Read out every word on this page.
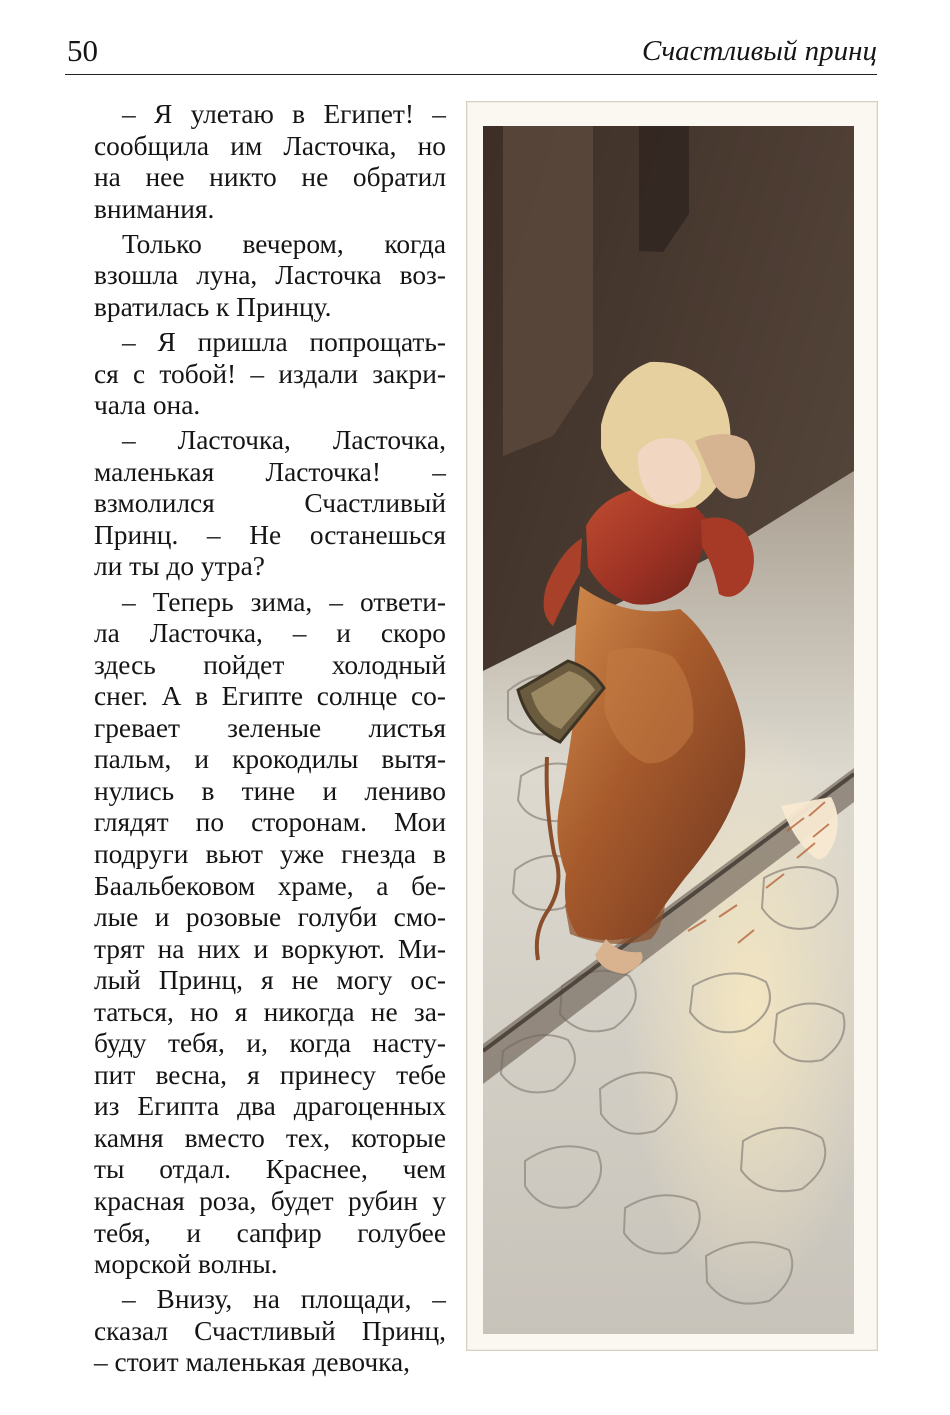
50	Счастливый принц

– Я улетаю в Египет! –
сообщила им Ласточка, но
на нее никто не обратил
внимания.

Только вечером, когда
взошла луна, Ласточка воз-
вратилась к Принцу.

– Я пришла попрощать-
ся с тобой! – издали закри-
чала она.

– Ласточка, Ласточка,
маленькая Ласточка! –
взмолился Счастливый
Принц. – Не останешься
ли ты до утра?

– Теперь зима, – ответи-
ла Ласточка, – и скоро
здесь пойдет холодный
снег. А в Египте солнце со-
гревает зеленые листья
пальм, и крокодилы вытя-
нулись в тине и лениво
глядят по сторонам. Мои
подруги вьют уже гнезда в
Баальбековом храме, а бе-
лые и розовые голуби смо-
трят на них и воркуют. Ми-
лый Принц, я не могу ос-
таться, но я никогда не за-
буду тебя, и, когда насту-
пит весна, я принесу тебе
из Египта два драгоценных
камня вместо тех, которые
ты отдал. Краснее, чем
красная роза, будет рубин у
тебя, и сапфир голубее
морской волны.

– Внизу, на площади, –
сказал Счастливый Принц,
– стоит маленькая девочка,
